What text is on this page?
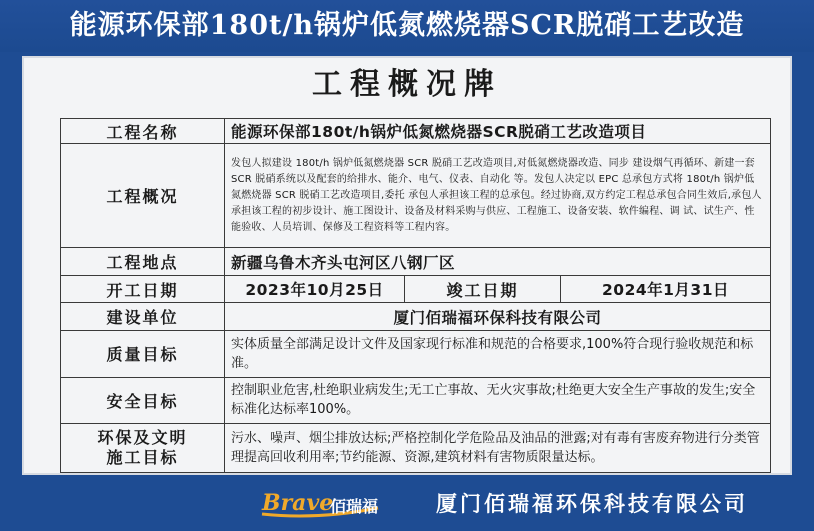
能源环保部180t/h锅炉低氮燃烧器SCR脱硝工艺改造
工程概况牌
工程名称	能源环保部180t/h锅炉低氮燃烧器SCR脱硝工艺改造项目		
工程概况	发包人拟建设 180t/h 锅炉低氮燃烧器 SCR 脱硝工艺改造项目,对低氮燃烧器改造、同步 建设烟气再循环、新建一套 SCR 脱硝系统以及配套的给排水、能介、电气、仪表、自动化 等。发包人决定以 EPC 总承包方式将 180t/h 锅炉低氮燃烧器 SCR 脱硝工艺改造项目,委托 承包人承担该工程的总承包。经过协商,双方约定工程总承包合同生效后,承包人承担该工程的初步设计、施工图设计、设备及材料采购与供应、工程施工、设备安装、软件编程、调 试、试生产、性能验收、人员培训、保修及工程资料等工程内容。		
工程地点	新疆乌鲁木齐头屯河区八钢厂区		
开工日期	2023年10月25日	竣工日期	2024年1月31日
建设单位	厦门佰瑞福环保科技有限公司		
质量目标	实体质量全部满足设计文件及国家现行标准和规范的合格要求,100%符合现行验收规范和标准。		
安全目标	控制职业危害,杜绝职业病发生;无工亡事故、无火灾事故;杜绝更大安全生产事故的发生;安全标准化达标率100%。		

环保及文明
施工目标	污水、噪声、烟尘排放达标;严格控制化学危险品及油品的泄露;对有毒有害废弃物进行分类管理提高回收利用率;节约能源、资源,建筑材料有害物质限量达标。		
Brave
佰瑞福	厦门佰瑞福环保科技有限公司
